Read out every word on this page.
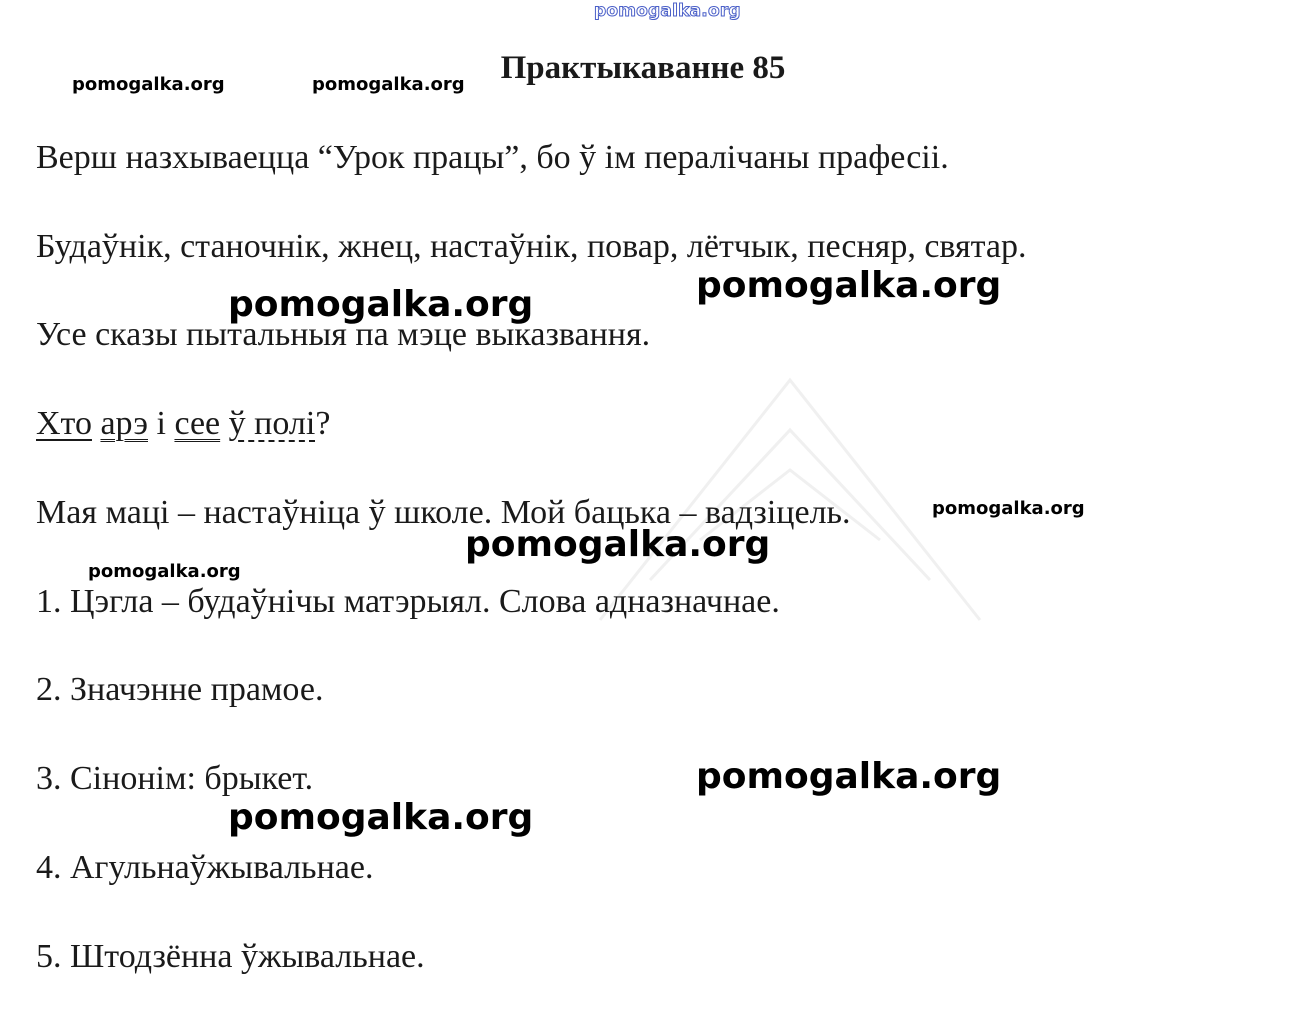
pomogalka.org
pomogalka.org	pomogalka.org
pomogalka.org
pomogalka.org
pomogalka.org
pomogalka.org
pomogalka.org
pomogalka.org
pomogalka.org
Практыкаванне 85
Верш назхываецца “Урок працы”, бо ў ім пералічаны прафесіі.
Будаўнік, станочнік, жнец, настаўнік, повар, лётчык, песняр, святар.
Усе сказы пытальныя па мэце выказвання.
Хто арэ і сее ў полі?
Мая маці – настаўніца ў школе. Мой бацька – вадзіцель.
1. Цэгла – будаўнічы матэрыял. Слова адназначнае.
2. Значэнне прамое.
3. Сінонім: брыкет.
4. Агульнаўжывальнае.
5. Штодзённа ўжывальнае.
